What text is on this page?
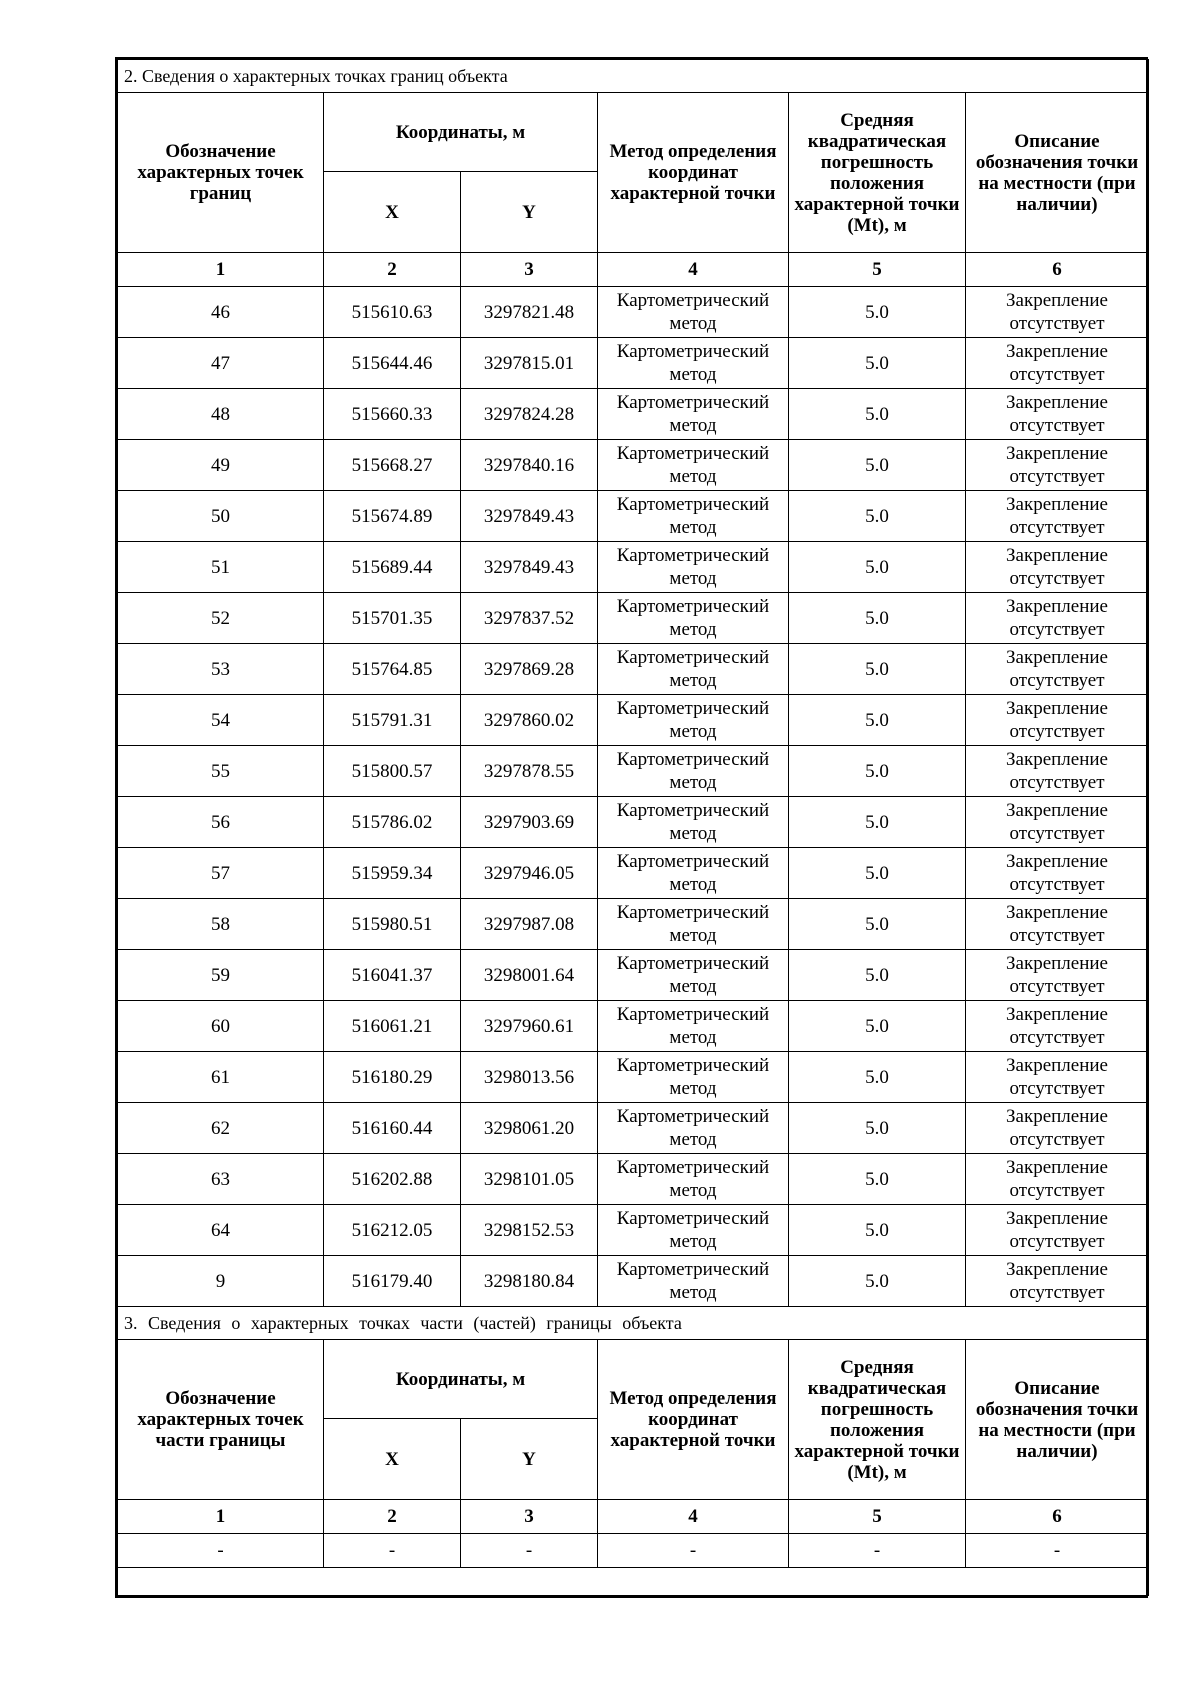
2. Сведения о характерных точках границ объекта					
Обозначение характерных точек границ	Координаты, м		Метод определения координат характерной точки	Средняя квадратическая погрешность положения характерной точки (Mt), м	Описание обозначения точки на местности (при наличии)
	X	Y			
1	2	3	4	5	6
46	515610.63	3297821.48	Картометрический метод	5.0	Закрепление отсутствует
47	515644.46	3297815.01	Картометрический метод	5.0	Закрепление отсутствует
48	515660.33	3297824.28	Картометрический метод	5.0	Закрепление отсутствует
49	515668.27	3297840.16	Картометрический метод	5.0	Закрепление отсутствует
50	515674.89	3297849.43	Картометрический метод	5.0	Закрепление отсутствует
51	515689.44	3297849.43	Картометрический метод	5.0	Закрепление отсутствует
52	515701.35	3297837.52	Картометрический метод	5.0	Закрепление отсутствует
53	515764.85	3297869.28	Картометрический метод	5.0	Закрепление отсутствует
54	515791.31	3297860.02	Картометрический метод	5.0	Закрепление отсутствует
55	515800.57	3297878.55	Картометрический метод	5.0	Закрепление отсутствует
56	515786.02	3297903.69	Картометрический метод	5.0	Закрепление отсутствует
57	515959.34	3297946.05	Картометрический метод	5.0	Закрепление отсутствует
58	515980.51	3297987.08	Картометрический метод	5.0	Закрепление отсутствует
59	516041.37	3298001.64	Картометрический метод	5.0	Закрепление отсутствует
60	516061.21	3297960.61	Картометрический метод	5.0	Закрепление отсутствует
61	516180.29	3298013.56	Картометрический метод	5.0	Закрепление отсутствует
62	516160.44	3298061.20	Картометрический метод	5.0	Закрепление отсутствует
63	516202.88	3298101.05	Картометрический метод	5.0	Закрепление отсутствует
64	516212.05	3298152.53	Картометрический метод	5.0	Закрепление отсутствует
9	516179.40	3298180.84	Картометрический метод	5.0	Закрепление отсутствует
3. Сведения о характерных точках части (частей) границы объекта					
Обозначение характерных точек части границы	Координаты, м		Метод определения координат характерной точки	Средняя квадратическая погрешность положения характерной точки (Mt), м	Описание обозначения точки на местности (при наличии)
	X	Y			
1	2	3	4	5	6
-	-	-	-	-	-
